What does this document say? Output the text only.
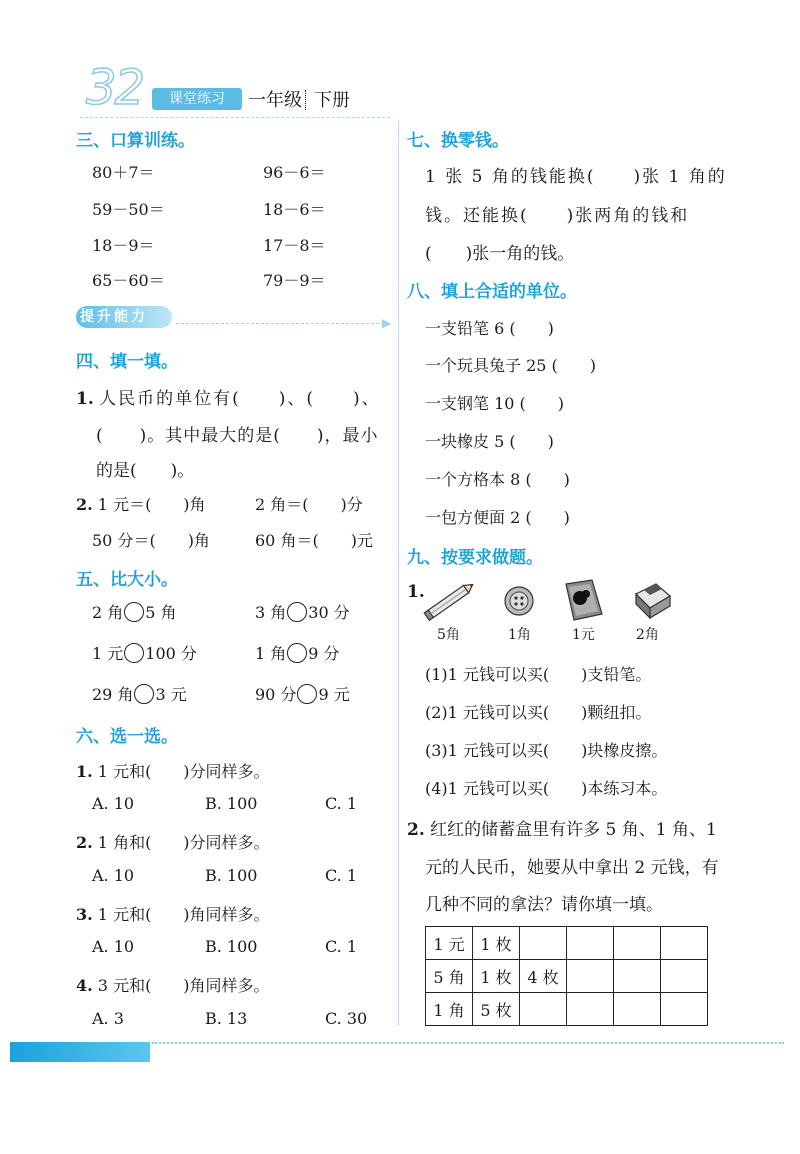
32	课堂练习	一年级 下册
三、口算训练。
80＋7＝	96－6＝
59－50＝	18－6＝
18－9＝	17－8＝
65－60＝	79－9＝
提升能力	▶
四、填一填。
1. 人民币的单位有(　　)、(　　)、
(　　)。其中最大的是(　　)，最小
的是(　　)。
2. 1 元＝(　　)角	2 角＝(　　)分
50 分＝(　　)角	60 角＝(　　)元
五、比大小。
2 角 5 角	3 角 30 分
1 元 100 分	1 角 9 分
29 角 3 元	90 分 9 元
六、选一选。
1. 1 元和(　　)分同样多。
A. 10	B. 100	C. 1
2. 1 角和(　　)分同样多。
A. 10	B. 100	C. 1
3. 1 元和(　　)角同样多。
A. 10	B. 100	C. 1
4. 3 元和(　　)角同样多。
A. 3	B. 13	C. 30
七、换零钱。
1 张 5 角的钱能换(　　)张 1 角的
钱。还能换(　　)张两角的钱和
(　　)张一角的钱。
八、填上合适的单位。
一支铅笔 6 (　　)
一个玩具兔子 25 (　　)
一支钢笔 10 (　　)
一块橡皮 5 (　　)
一个方格本 8 (　　)
一包方便面 2 (　　)
九、按要求做题。
1.
5角	1角	1元	2角
(1)1 元钱可以买(　　)支铅笔。
(2)1 元钱可以买(　　)颗纽扣。
(3)1 元钱可以买(　　)块橡皮擦。
(4)1 元钱可以买(　　)本练习本。
2. 红红的储蓄盒里有许多 5 角、1 角、1
元的人民币，她要从中拿出 2 元钱，有
几种不同的拿法？请你填一填。
1 元	1 枚				
5 角	1 枚	4 枚			
1 角	5 枚				
